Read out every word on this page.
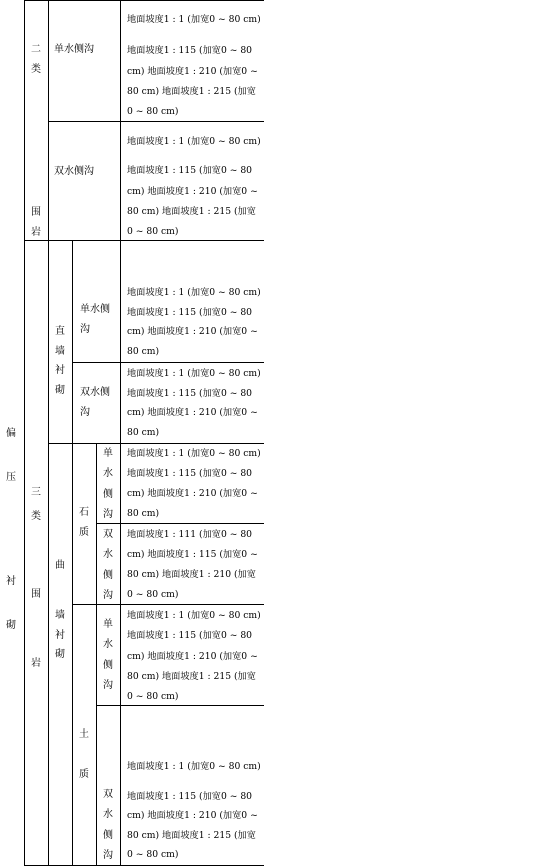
偏
压
衬
砌
二
类
围
岩
三
类
围
岩
单水侧沟
双水侧沟
直
墙
衬
砌
曲
墙
衬
砌
单水侧
沟
双水侧
沟
石
质
土
质
单
水
侧
沟
双
水
侧
沟
单
水
侧
沟
双
水
侧
沟
地面坡度1 : 1 (加宽0 ~ 80 cm)
地面坡度1 : 115 (加宽0 ~ 80
cm) 地面坡度1 : 210 (加宽0 ~
80 cm) 地面坡度1 : 215 (加宽
0 ~ 80 cm)
地面坡度1 : 1 (加宽0 ~ 80 cm)
地面坡度1 : 115 (加宽0 ~ 80
cm) 地面坡度1 : 210 (加宽0 ~
80 cm) 地面坡度1 : 215 (加宽
0 ~ 80 cm)
地面坡度1 : 1 (加宽0 ~ 80 cm)
地面坡度1 : 115 (加宽0 ~ 80
cm) 地面坡度1 : 210 (加宽0 ~
80 cm)
地面坡度1 : 1 (加宽0 ~ 80 cm)
地面坡度1 : 115 (加宽0 ~ 80
cm) 地面坡度1 : 210 (加宽0 ~
80 cm)
地面坡度1 : 1 (加宽0 ~ 80 cm)
地面坡度1 : 115 (加宽0 ~ 80
cm) 地面坡度1 : 210 (加宽0 ~
80 cm)
地面坡度1 : 111 (加宽0 ~ 80
cm) 地面坡度1 : 115 (加宽0 ~
80 cm) 地面坡度1 : 210 (加宽
0 ~ 80 cm)
地面坡度1 : 1 (加宽0 ~ 80 cm)
地面坡度1 : 115 (加宽0 ~ 80
cm) 地面坡度1 : 210 (加宽0 ~
80 cm) 地面坡度1 : 215 (加宽
0 ~ 80 cm)
地面坡度1 : 1 (加宽0 ~ 80 cm)
地面坡度1 : 115 (加宽0 ~ 80
cm) 地面坡度1 : 210 (加宽0 ~
80 cm) 地面坡度1 : 215 (加宽
0 ~ 80 cm)
